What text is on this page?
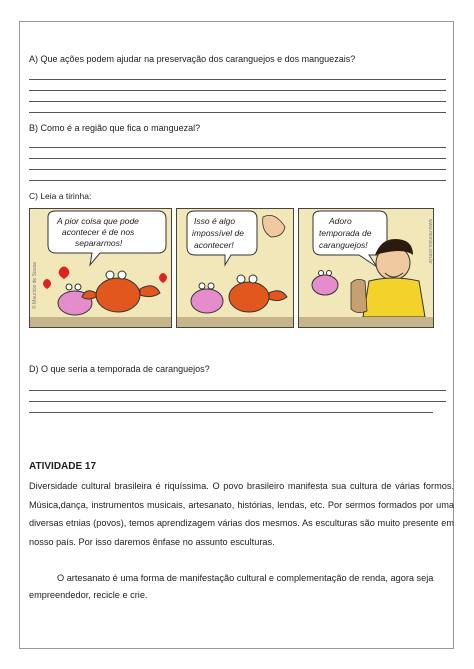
A) Que ações podem ajudar na preservação dos caranguejos e dos manguezais?
B) Como é a região que fica o manguezal?
C) Leia a tirinha:
© Maurício de Sousa
A pior coisa que pode
acontecer é de nos
separarmos!
Isso é algo
impossível de
acontecer!
Adoro
temporada de
caranguejos!	www.monica.com.br
D) O que seria a temporada de caranguejos?
ATIVIDADE 17
Diversidade cultural brasileira é riquíssima. O povo brasileiro manifesta sua cultura de várias formos. Música,dança, instrumentos musicais, artesanato, histórias, lendas, etc. Por sermos formados por uma diversas etnias (povos), temos aprendizagem várias dos mesmos. As esculturas são muito presente em nosso país. Por isso daremos ênfase no assunto esculturas.
O artesanato é uma forma de manifestação cultural e complementação de renda, agora seja empreendedor, recicle e crie.
